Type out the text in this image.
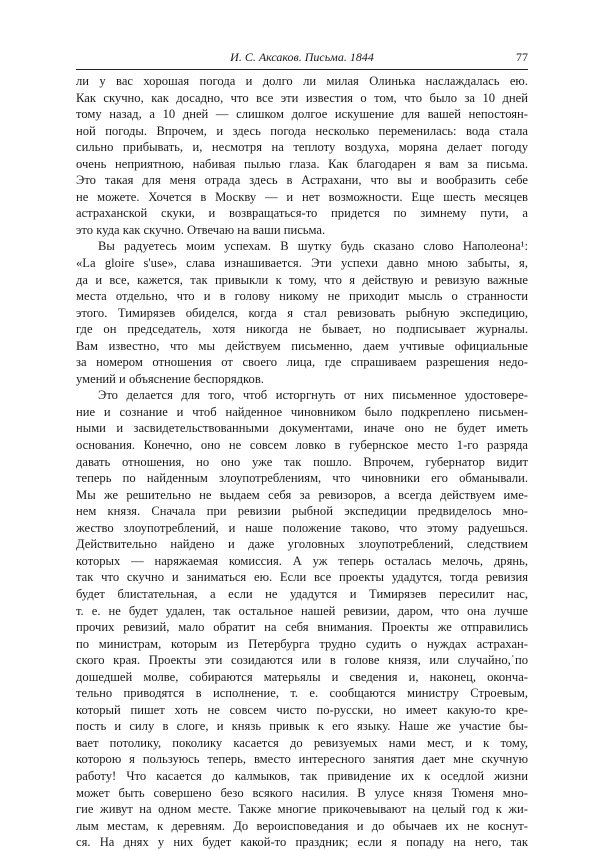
И. С. Аксаков. Письма. 1844	77
ли у вас хорошая погода и долго ли милая Олинька наслаждалась ею.
Как скучно, как досадно, что все эти известия о том, что было за 10 дней
тому назад, а 10 дней — слишком долгое искушение для вашей непостоян-
ной погоды. Впрочем, и здесь погода несколько переменилась: вода стала
сильно прибывать, и, несмотря на теплоту воздуха, моряна делает погоду
очень неприятною, набивая пылью глаза. Как благодарен я вам за письма.
Это такая для меня отрада здесь в Астрахани, что вы и вообразить себе
не можете. Хочется в Москву — и нет возможности. Еще шесть месяцев
астраханской скуки, и возвращаться-то придется по зимнему пути, а
это куда как скучно. Отвечаю на ваши письма.
Вы радуетесь моим успехам. В шутку будь сказано слово Наполеона¹:
«La gloire s'use», слава изнашивается. Эти успехи давно мною забыты, я,
да и все, кажется, так привыкли к тому, что я действую и ревизую важные
места отдельно, что и в голову никому не приходит мысль о странности
этого. Тимирязев обиделся, когда я стал ревизовать рыбную экспедицию,
где он председатель, хотя никогда не бывает, но подписывает журналы.
Вам известно, что мы действуем письменно, даем учтивые официальные
за номером отношения от своего лица, где спрашиваем разрешения недо-
умений и объяснение беспорядков.
Это делается для того, чтоб исторгнуть от них письменное удостовере-
ние и сознание и чтоб найденное чиновником было подкреплено письмен-
ными и засвидетельствованными документами, иначе оно не будет иметь
основания. Конечно, оно не совсем ловко в губернское место 1-го разряда
давать отношения, но оно уже так пошло. Впрочем, губернатор видит
теперь по найденным злоупотреблениям, что чиновники его обманывали.
Мы же решительно не выдаем себя за ревизоров, а всегда действуем име-
нем князя. Сначала при ревизии рыбной экспедиции предвиделось мно-
жество злоупотреблений, и наше положение таково, что этому радуешься.
Действительно найдено и даже уголовных злоупотреблений, следствием
которых — наряжаемая комиссия. А уж теперь осталась мелочь, дрянь,
так что скучно и заниматься ею. Если все проекты удадутся, тогда ревизия
будет блистательная, а если не удадутся и Тимирязев пересилит нас,
т. е. не будет удален, так остальное нашей ревизии, даром, что она лучше
прочих ревизий, мало обратит на себя внимания. Проекты же отправились
по министрам, которым из Петербурга трудно судить о нуждах астрахан-
ского края. Проекты эти созидаются или в голове князя, или случайно,ˈпо
дошедшей молве, собираются матерьялы и сведения и, наконец, оконча-
тельно приводятся в исполнение, т. е. сообщаются министру Строевым,
который пишет хоть не совсем чисто по-русски, но имеет какую-то кре-
пость и силу в слоге, и князь привык к его языку. Наше же участие бы-
вает потолику, поколику касается до ревизуемых нами мест, и к тому,
которою я пользуюсь теперь, вместо интересного занятия дает мне скучную
работу! Что касается до калмыков, так привидение их к оседлой жизни
может быть совершено безо всякого насилия. В улусе князя Тюменя мно-
гие живут на одном месте. Также многие прикочевывают на целый год к жи-
лым местам, к деревням. До вероисповедания и до обычаев их не коснут-
ся. На днях у них будет какой-то праздник; если я попаду на него, так
